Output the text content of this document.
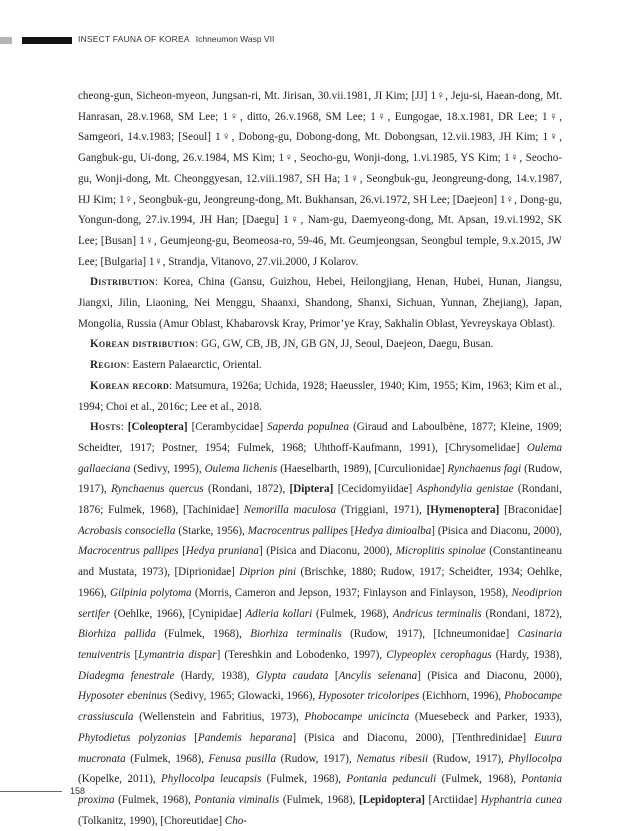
INSECT FAUNA OF KOREA Ichneumon Wasp VII

cheong-gun, Sicheon-myeon, Jungsan-ri, Mt. Jirisan, 30.vii.1981, JI Kim; [JJ] 1♀, Jeju-si, Haean-dong, Mt. Hanrasan, 28.v.1968, SM Lee; 1♀, ditto, 26.v.1968, SM Lee; 1♀, Eungogae, 18.x.1981, DR Lee; 1♀, Samgeori, 14.v.1983; [Seoul] 1♀, Dobong-gu, Dobong-dong, Mt. Dobongsan, 12.vii.1983, JH Kim; 1♀, Gangbuk-gu, Ui-dong, 26.v.1984, MS Kim; 1♀, Seocho-gu, Wonji-dong, 1.vi.1985, YS Kim; 1♀, Seocho-gu, Wonji-dong, Mt. Cheonggyesan, 12.viii.1987, SH Ha; 1♀, Seongbuk-gu, Jeongreung-dong, 14.v.1987, HJ Kim; 1♀, Seongbuk-gu, Jeongreung-dong, Mt. Bukhansan, 26.vi.1972, SH Lee; [Daejeon] 1♀, Dong-gu, Yongun-dong, 27.iv.1994, JH Han; [Daegu] 1♀, Nam-gu, Daemyeong-dong, Mt. Apsan, 19.vi.1992, SK Lee; [Busan] 1♀, Geumjeong-gu, Beomeosa-ro, 59-46, Mt. Geumjeongsan, Seongbul temple, 9.x.2015, JW Lee; [Bulgaria] 1♀, Strandja, Vitanovo, 27.vii.2000, J Kolarov.

Distribution: Korea, China (Gansu, Guizhou, Hebei, Heilongjiang, Henan, Hubei, Hunan, Jiangsu, Jiangxi, Jilin, Liaoning, Nei Menggu, Shaanxi, Shandong, Shanxi, Sichuan, Yunnan, Zhejiang), Japan, Mongolia, Russia (Amur Oblast, Khabarovsk Kray, Primor’ye Kray, Sakhalin Oblast, Yevreyskaya Oblast).

Korean distribution: GG, GW, CB, JB, JN, GB GN, JJ, Seoul, Daejeon, Daegu, Busan.

Region: Eastern Palaearctic, Oriental.

Korean record: Matsumura, 1926a; Uchida, 1928; Haeussler, 1940; Kim, 1955; Kim, 1963; Kim et al., 1994; Choi et al., 2016c; Lee et al., 2018.

Hosts: [Coleoptera] [Cerambycidae] Saperda populnea (Giraud and Laboulbène, 1877; Kleine, 1909; Scheidter, 1917; Postner, 1954; Fulmek, 1968; Uhthoff-Kaufmann, 1991), [Chrysomelidae] Oulema gallaeciana (Sedivy, 1995), Oulema lichenis (Haeselbarth, 1989), [Curculionidae] Rynchaenus fagi (Rudow, 1917), Rynchaenus quercus (Rondani, 1872), [Diptera] [Cecidomyiidae] Asphondylia genistae (Rondani, 1876; Fulmek, 1968), [Tachinidae] Nemorilla maculosa (Triggiani, 1971), [Hymenoptera] [Braconidae] Acrobasis consociella (Starke, 1956), Macrocentrus pallipes [Hedya dimioalba] (Pisica and Diaconu, 2000), Macrocentrus pallipes [Hedya pruniana] (Pisica and Diaconu, 2000), Microplitis spinolae (Constantineanu and Mustata, 1973), [Diprionidae] Diprion pini (Brischke, 1880; Rudow, 1917; Scheidter, 1934; Oehlke, 1966), Gilpinia polytoma (Morris, Cameron and Jepson, 1937; Finlayson and Finlayson, 1958), Neodiprion sertifer (Oehlke, 1966), [Cynipidae] Adleria kollari (Fulmek, 1968), Andricus terminalis (Rondani, 1872), Biorhiza pallida (Fulmek, 1968), Biorhiza terminalis (Rudow, 1917), [Ichneumonidae] Casinaria tenuiventris [Lymantria dispar] (Tereshkin and Lobodenko, 1997), Clypeoplex cerophagus (Hardy, 1938), Diadegma fenestrale (Hardy, 1938), Glypta caudata [Ancylis selenana] (Pisica and Diaconu, 2000), Hyposoter ebeninus (Sedivy, 1965; Glowacki, 1966), Hyposoter tricoloripes (Eichhorn, 1996), Phobocampe crassiuscula (Wellenstein and Fabritius, 1973), Phobocampe unicincta (Muesebeck and Parker, 1933), Phytodietus polyzonias [Pandemis heparana] (Pisica and Diaconu, 2000), [Tenthredinidae] Euura mucronata (Fulmek, 1968), Fenusa pusilla (Rudow, 1917), Nematus ribesii (Rudow, 1917), Phyllocolpa (Kopelke, 2011), Phyllocolpa leucapsis (Fulmek, 1968), Pontania pedunculi (Fulmek, 1968), Pontania proxima (Fulmek, 1968), Pontania viminalis (Fulmek, 1968), [Lepidoptera] [Arctiidae] Hyphantria cunea (Tolkanitz, 1990), [Choreutidae] Cho-

158
